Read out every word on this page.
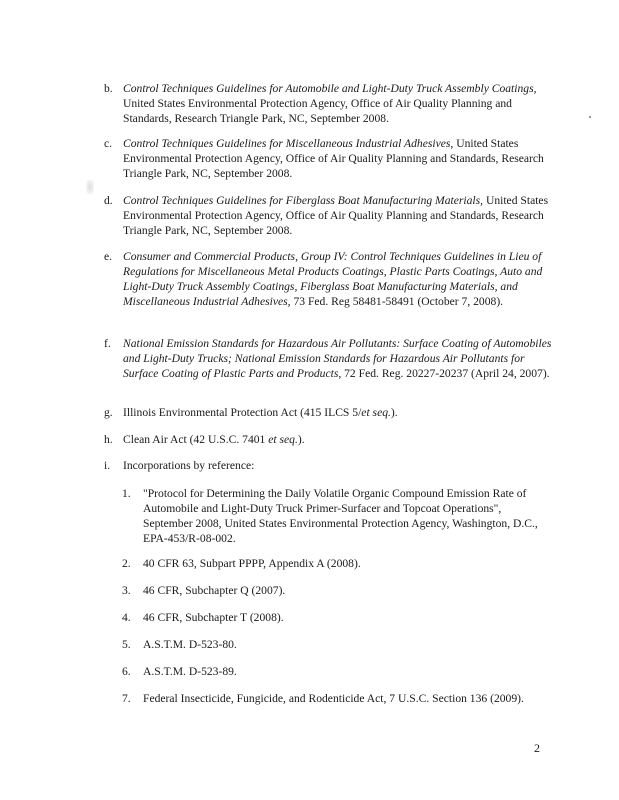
b. Control Techniques Guidelines for Automobile and Light-Duty Truck Assembly Coatings, United States Environmental Protection Agency, Office of Air Quality Planning and Standards, Research Triangle Park, NC, September 2008.
c. Control Techniques Guidelines for Miscellaneous Industrial Adhesives, United States Environmental Protection Agency, Office of Air Quality Planning and Standards, Research Triangle Park, NC, September 2008.
d. Control Techniques Guidelines for Fiberglass Boat Manufacturing Materials, United States Environmental Protection Agency, Office of Air Quality Planning and Standards, Research Triangle Park, NC, September 2008.
e. Consumer and Commercial Products, Group IV: Control Techniques Guidelines in Lieu of Regulations for Miscellaneous Metal Products Coatings, Plastic Parts Coatings, Auto and Light-Duty Truck Assembly Coatings, Fiberglass Boat Manufacturing Materials, and Miscellaneous Industrial Adhesives, 73 Fed. Reg 58481-58491 (October 7, 2008).
f.	National Emission Standards for Hazardous Air Pollutants: Surface Coating of Automobiles and Light-Duty Trucks; National Emission Standards for Hazardous Air Pollutants for Surface Coating of Plastic Parts and Products, 72 Fed. Reg. 20227-20237 (April 24, 2007).
g. Illinois Environmental Protection Act (415 ILCS 5/et seq.).
h. Clean Air Act (42 U.S.C. 7401 et seq.).
i.	Incorporations by reference:
1.	"Protocol for Determining the Daily Volatile Organic Compound Emission Rate of Automobile and Light-Duty Truck Primer-Surfacer and Topcoat Operations", September 2008, United States Environmental Protection Agency, Washington, D.C., EPA-453/R-08-002.
2.	40 CFR 63, Subpart PPPP, Appendix A (2008).
3.	46 CFR, Subchapter Q (2007).
4.	46 CFR, Subchapter T (2008).
5.	A.S.T.M. D-523-80.
6.	A.S.T.M. D-523-89.
7.	Federal Insecticide, Fungicide, and Rodenticide Act, 7 U.S.C. Section 136 (2009).
2
